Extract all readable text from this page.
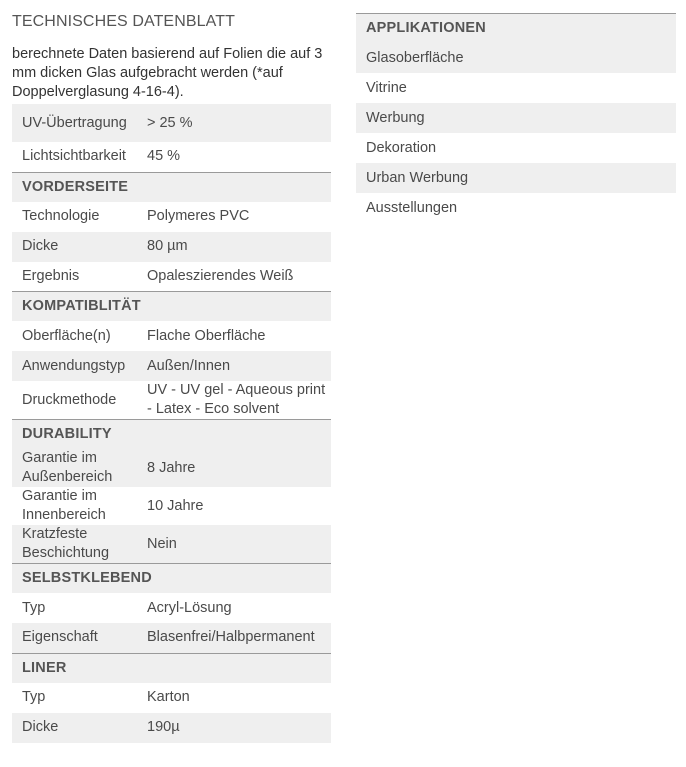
TECHNISCHES DATENBLATT
berechnete Daten basierend auf Folien die auf 3 mm dicken Glas aufgebracht werden (*auf Doppelverglasung 4-16-4).
UV-Übertragung	> 25 %
Lichtsichtbarkeit	45 %
VORDERSEITE	
Technologie	Polymeres PVC
Dicke	80 µm
Ergebnis	Opaleszierendes Weiß
KOMPATIBLITÄT	
Oberfläche(n)	Flache Oberfläche
Anwendungstyp	Außen/Innen
Druckmethode	UV - UV gel - Aqueous print - Latex - Eco solvent
DURABILITY	
Garantie im Außenbereich	8 Jahre
Garantie im Innenbereich	10 Jahre
Kratzfeste Beschichtung	Nein
SELBSTKLEBEND	
Typ	Acryl-Lösung
Eigenschaft	Blasenfrei/Halbpermanent
LINER	
Typ	Karton
Dicke	190µ
APPLIKATIONEN
Glasoberfläche
Vitrine
Werbung
Dekoration
Urban Werbung
Ausstellungen
